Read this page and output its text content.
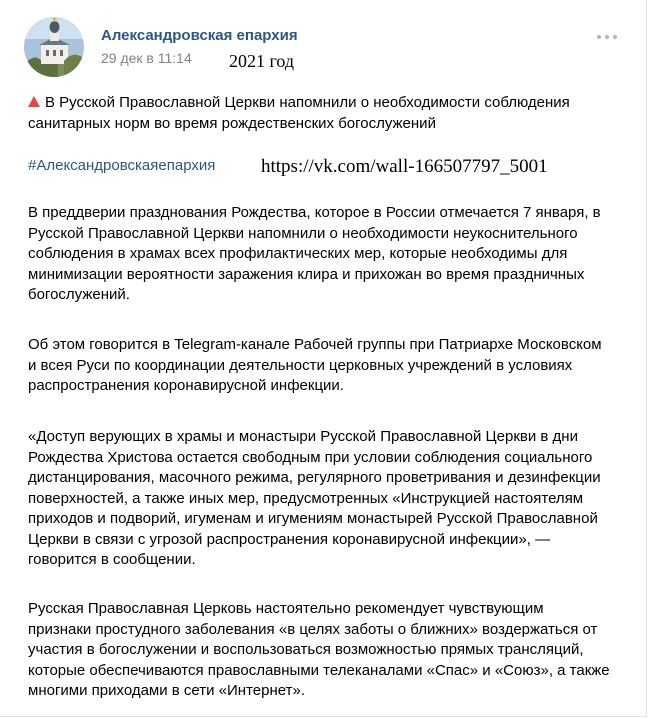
Александровская епархия
29 дек в 11:14 2021 год
В Русской Православной Церкви напомнили о необходимости соблюдения
санитарных норм во время рождественских богослужений
#Александровскаяепархия https://vk.com/wall-166507797_5001
В преддверии празднования Рождества, которое в России отмечается 7 января, в
Русской Православной Церкви напомнили о необходимости неукоснительного
соблюдения в храмах всех профилактических мер, которые необходимы для
минимизации вероятности заражения клира и прихожан во время праздничных
богослужений.
Об этом говорится в Telegram-канале Рабочей группы при Патриархе Московском
и всея Руси по координации деятельности церковных учреждений в условиях
распространения коронавирусной инфекции.
«Доступ верующих в храмы и монастыри Русской Православной Церкви в дни
Рождества Христова остается свободным при условии соблюдения социального
дистанцирования, масочного режима, регулярного проветривания и дезинфекции
поверхностей, а также иных мер, предусмотренных «Инструкцией настоятелям
приходов и подворий, игуменам и игумениям монастырей Русской Православной
Церкви в связи с угрозой распространения коронавирусной инфекции», —
говорится в сообщении.
Русская Православная Церковь настоятельно рекомендует чувствующим
признаки простудного заболевания «в целях заботы о ближних» воздержаться от
участия в богослужении и воспользоваться возможностью прямых трансляций,
которые обеспечиваются православными телеканалами «Спас» и «Союз», а также
многими приходами в сети «Интернет».
